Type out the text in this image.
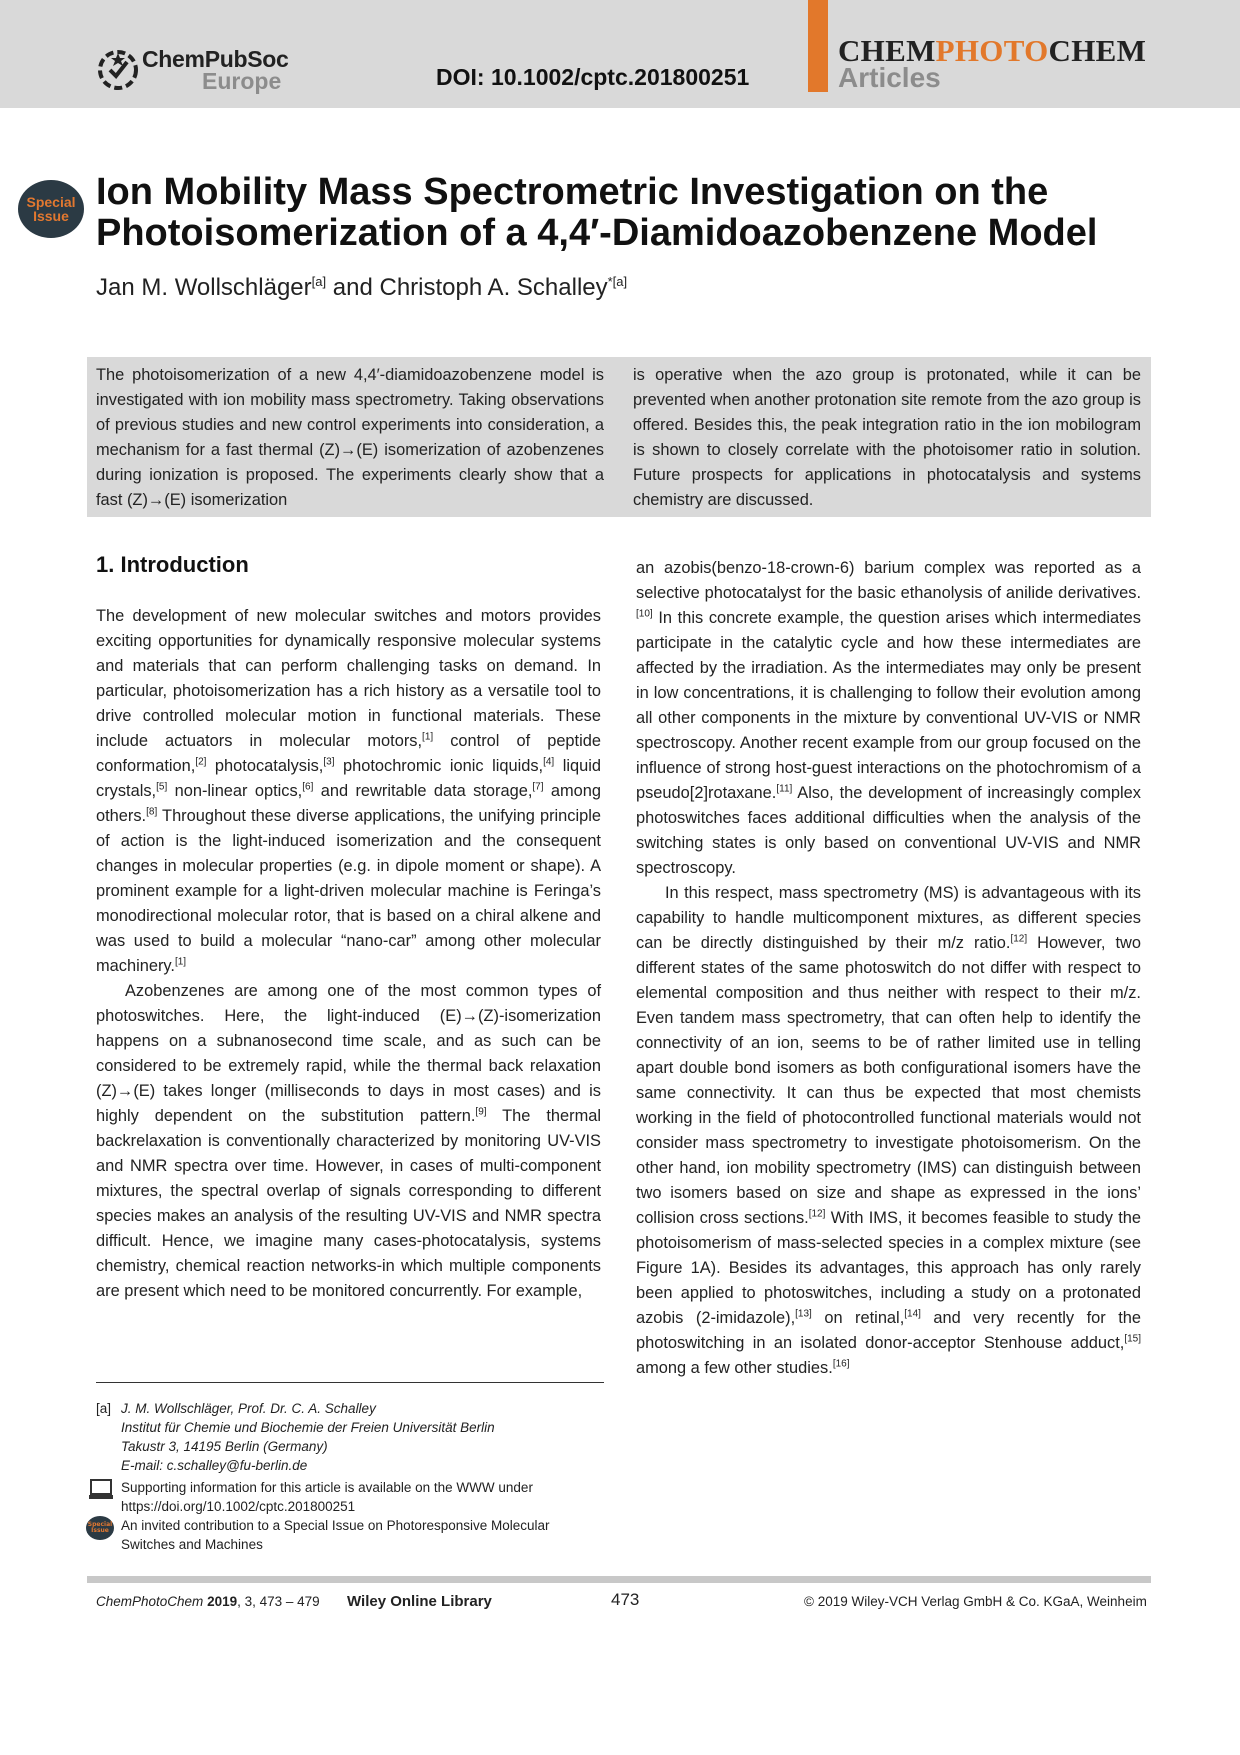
ChemPubSoc
Europe	DOI: 10.1002/cptc.201800251
CHEMPHOTOCHEM
Articles
Special
Issue
Ion Mobility Mass Spectrometric Investigation on the Photoisomerization of a 4,4′-Diamidoazobenzene Model
Jan M. Wollschläger[a] and Christoph A. Schalley$^{*[a]}$
The photoisomerization of a new 4,4′-diamidoazobenzene model is investigated with ion mobility mass spectrometry. Taking observations of previous studies and new control experiments into consideration, a mechanism for a fast thermal (Z)→(E) isomerization of azobenzenes during ionization is proposed. The experiments clearly show that a fast (Z)→(E) isomerization
is operative when the azo group is protonated, while it can be prevented when another protonation site remote from the azo group is offered. Besides this, the peak integration ratio in the ion mobilogram is shown to closely correlate with the photoisomer ratio in solution. Future prospects for applications in photocatalysis and systems chemistry are discussed.
1. Introduction

The development of new molecular switches and motors provides exciting opportunities for dynamically responsive molecular systems and materials that can perform challenging tasks on demand. In particular, photoisomerization has a rich history as a versatile tool to drive controlled molecular motion in functional materials. These include actuators in molecular motors,[1] control of peptide conformation,[2] photocatalysis,[3] photochromic ionic liquids,[4] liquid crystals,[5] non-linear optics,[6] and rewritable data storage,[7] among others.[8] Throughout these diverse applications, the unifying principle of action is the light-induced isomerization and the consequent changes in molecular properties (e.g. in dipole moment or shape). A prominent example for a light-driven molecular machine is Feringa’s monodirectional molecular rotor, that is based on a chiral alkene and was used to build a molecular “nano-car” among other molecular machinery.[1]

Azobenzenes are among one of the most common types of photoswitches. Here, the light-induced (E)→(Z)-isomerization happens on a subnanosecond time scale, and as such can be considered to be extremely rapid, while the thermal back relaxation (Z)→(E) takes longer (milliseconds to days in most cases) and is highly dependent on the substitution pattern.[9] The thermal backrelaxation is conventionally characterized by monitoring UV-VIS and NMR spectra over time. However, in cases of multi-component mixtures, the spectral overlap of signals corresponding to different species makes an analysis of the resulting UV-VIS and NMR spectra difficult. Hence, we imagine many cases-photocatalysis, systems chemistry, chemical reaction networks-in which multiple components are present which need to be monitored concurrently. For example,

an azobis(benzo-18-crown-6) barium complex was reported as a selective photocatalyst for the basic ethanolysis of anilide derivatives.[10] In this concrete example, the question arises which intermediates participate in the catalytic cycle and how these intermediates are affected by the irradiation. As the intermediates may only be present in low concentrations, it is challenging to follow their evolution among all other components in the mixture by conventional UV-VIS or NMR spectroscopy. Another recent example from our group focused on the influence of strong host-guest interactions on the photochromism of a pseudo[2]rotaxane.[11] Also, the development of increasingly complex photoswitches faces additional difficulties when the analysis of the switching states is only based on conventional UV-VIS and NMR spectroscopy.

In this respect, mass spectrometry (MS) is advantageous with its capability to handle multicomponent mixtures, as different species can be directly distinguished by their m/z ratio.[12] However, two different states of the same photoswitch do not differ with respect to elemental composition and thus neither with respect to their m/z. Even tandem mass spectrometry, that can often help to identify the connectivity of an ion, seems to be of rather limited use in telling apart double bond isomers as both configurational isomers have the same connectivity. It can thus be expected that most chemists working in the field of photocontrolled functional materials would not consider mass spectrometry to investigate photoisomerism. On the other hand, ion mobility spectrometry (IMS) can distinguish between two isomers based on size and shape as expressed in the ions’ collision cross sections.[12] With IMS, it becomes feasible to study the photoisomerism of mass-selected species in a complex mixture (see Figure 1A). Besides its advantages, this approach has only rarely been applied to photoswitches, including a study on a protonated azobis (2-imidazole),[13] on retinal,[14] and very recently for the photoswitching in an isolated donor-acceptor Stenhouse adduct,[15] among a few other studies.[16]

[a] J. M. Wollschläger, Prof. Dr. C. A. Schalley
Institut für Chemie und Biochemie der Freien Universität Berlin
Takustr 3, 14195 Berlin (Germany)
E-mail: c.schalley@fu-berlin.de
Supporting information for this article is available on the WWW under https://doi.org/10.1002/cptc.201800251
Special
Issue An invited contribution to a Special Issue on Photoresponsive Molecular Switches and Machines
ChemPhotoChem 2019, 3, 473 – 479 Wiley Online Library	473	© 2019 Wiley-VCH Verlag GmbH & Co. KGaA, Weinheim
